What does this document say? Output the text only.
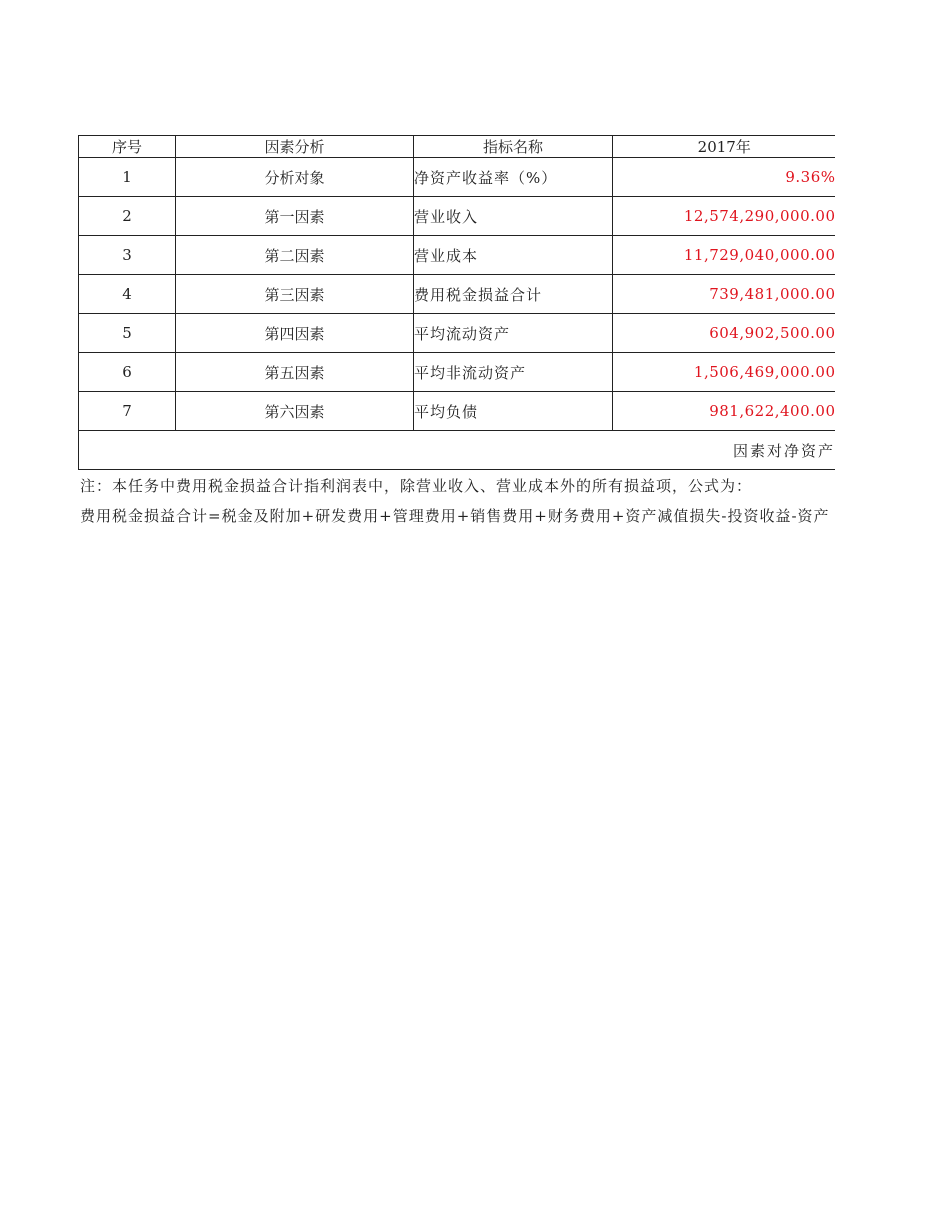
序号	因素分析	指标名称	2017年
1	分析对象	净资产收益率（%）	9.36%
2	第一因素	营业收入	12,574,290,000.00
3	第二因素	营业成本	11,729,040,000.00
4	第三因素	费用税金损益合计	739,481,000.00
5	第四因素	平均流动资产	604,902,500.00
6	第五因素	平均非流动资产	1,506,469,000.00
7	第六因素	平均负债	981,622,400.00
因素对净资产			

注：本任务中费用税金损益合计指利润表中，除营业收入、营业成本外的所有损益项，公式为：

费用税金损益合计=税金及附加+研发费用+管理费用+销售费用+财务费用+资产减值损失-投资收益-资产
